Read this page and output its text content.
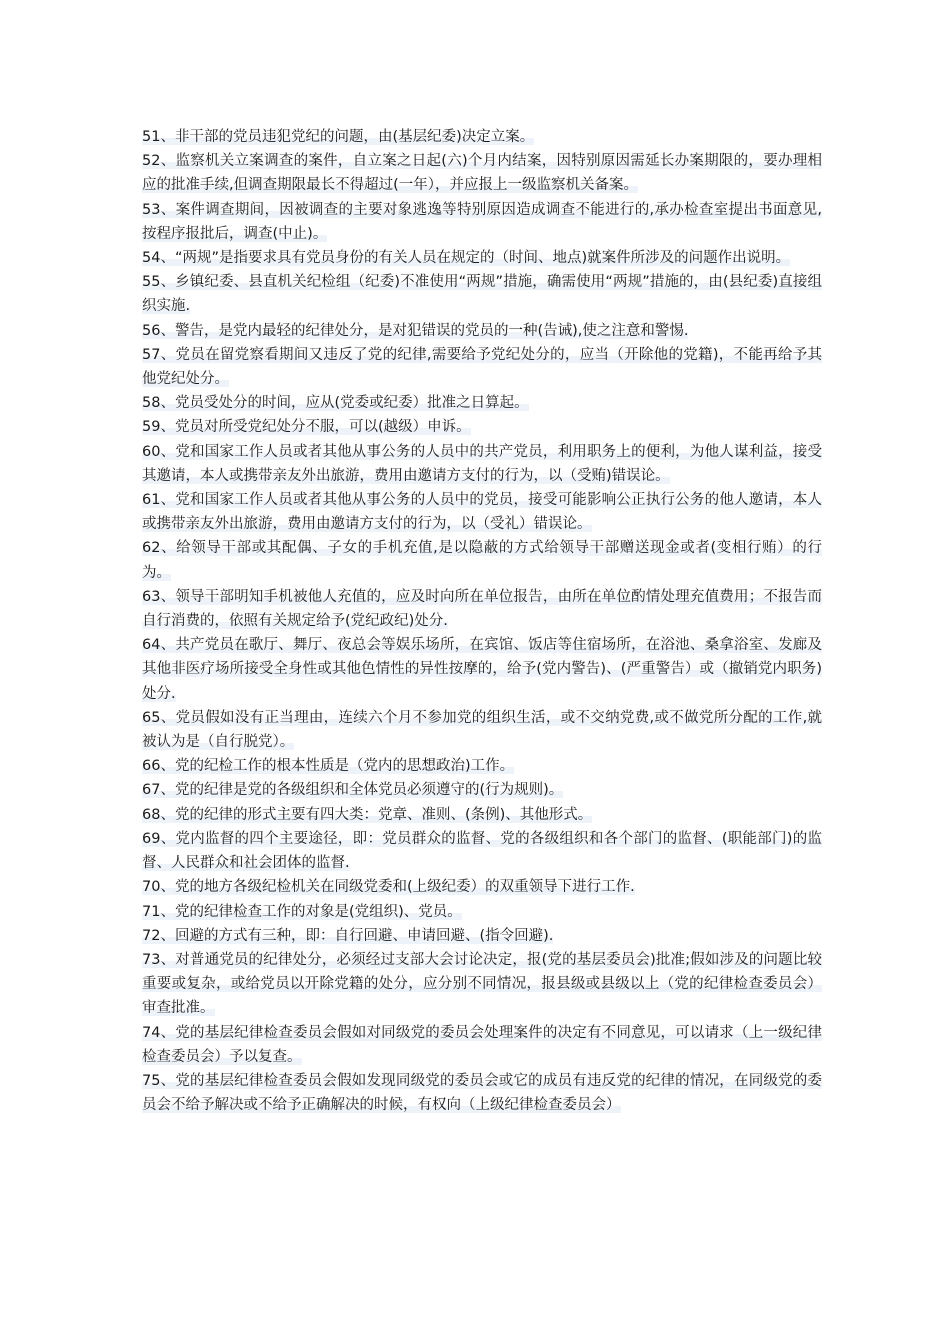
51、非干部的党员违犯党纪的问题，由(基层纪委)决定立案。

52、监察机关立案调查的案件，自立案之日起(六)个月内结案，因特别原因需延长办案期限的，要办理相应的批准手续,但调查期限最长不得超过(一年），并应报上一级监察机关备案。

53、案件调查期间，因被调查的主要对象逃逸等特别原因造成调查不能进行的,承办检查室提出书面意见,按程序报批后，调查(中止)。

54、“两规”是指要求具有党员身份的有关人员在规定的（时间、地点)就案件所涉及的问题作出说明。

55、乡镇纪委、县直机关纪检组（纪委)不准使用“两规”措施，确需使用“两规”措施的，由(县纪委)直接组织实施.

56、警告，是党内最轻的纪律处分，是对犯错误的党员的一种(告诫),使之注意和警惕.

57、党员在留党察看期间又违反了党的纪律,需要给予党纪处分的，应当（开除他的党籍)，不能再给予其他党纪处分。

58、党员受处分的时间，应从(党委或纪委）批准之日算起。

59、党员对所受党纪处分不服，可以(越级）申诉。

60、党和国家工作人员或者其他从事公务的人员中的共产党员，利用职务上的便利，为他人谋利益，接受其邀请，本人或携带亲友外出旅游，费用由邀请方支付的行为，以（受贿)错误论。

61、党和国家工作人员或者其他从事公务的人员中的党员，接受可能影响公正执行公务的他人邀请，本人或携带亲友外出旅游，费用由邀请方支付的行为，以（受礼）错误论。

62、给领导干部或其配偶、子女的手机充值,是以隐蔽的方式给领导干部赠送现金或者(变相行贿）的行为。

63、领导干部明知手机被他人充值的，应及时向所在单位报告，由所在单位酌情处理充值费用；不报告而自行消费的，依照有关规定给予(党纪政纪)处分.

64、共产党员在歌厅、舞厅、夜总会等娱乐场所，在宾馆、饭店等住宿场所，在浴池、桑拿浴室、发廊及其他非医疗场所接受全身性或其他色情性的异性按摩的，给予(党内警告)、(严重警告）或（撤销党内职务)处分.

65、党员假如没有正当理由，连续六个月不参加党的组织生活，或不交纳党费,或不做党所分配的工作,就被认为是（自行脱党）。

66、党的纪检工作的根本性质是（党内的思想政治)工作。

67、党的纪律是党的各级组织和全体党员必须遵守的(行为规则)。

68、党的纪律的形式主要有四大类：党章、准则、(条例)、其他形式。

69、党内监督的四个主要途径，即：党员群众的监督、党的各级组织和各个部门的监督、(职能部门)的监督、人民群众和社会团体的监督.

70、党的地方各级纪检机关在同级党委和(上级纪委）的双重领导下进行工作.

71、党的纪律检查工作的对象是(党组织)、党员。

72、回避的方式有三种，即：自行回避、申请回避、(指令回避).

73、对普通党员的纪律处分，必须经过支部大会讨论决定，报(党的基层委员会)批准;假如涉及的问题比较重要或复杂，或给党员以开除党籍的处分，应分别不同情况，报县级或县级以上（党的纪律检查委员会）审查批准。

74、党的基层纪律检查委员会假如对同级党的委员会处理案件的决定有不同意见，可以请求（上一级纪律检查委员会）予以复查。

75、党的基层纪律检查委员会假如发现同级党的委员会或它的成员有违反党的纪律的情况，在同级党的委员会不给予解决或不给予正确解决的时候，有权向（上级纪律检查委员会）
